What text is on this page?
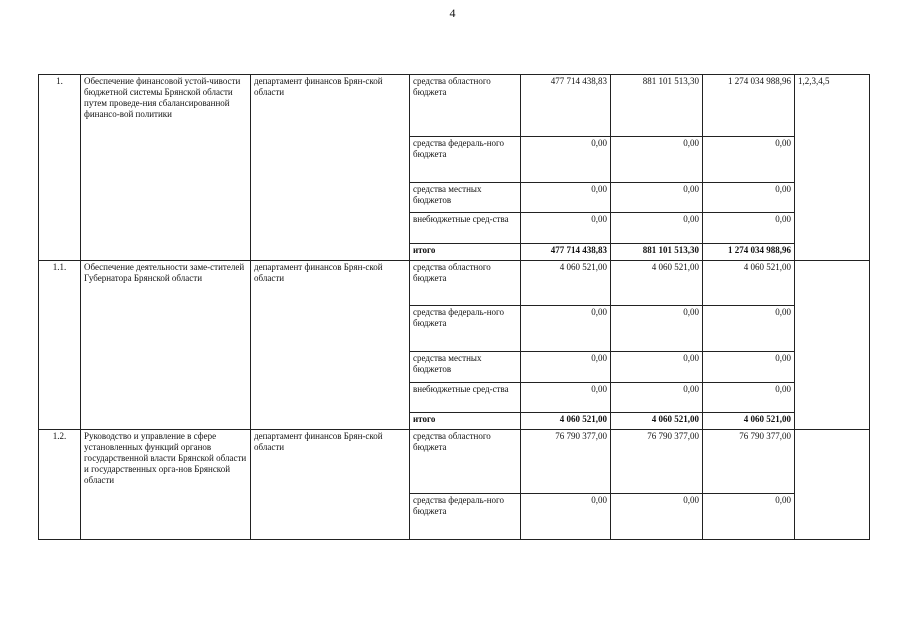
4
1.	Обеспечение финансовой устой-чивости бюджетной системы Брянской области путем проведе-ния сбалансированной финансо-вой политики	департамент финансов Брян-ской области	средства областного бюджета	477 714 438,83	881 101 513,30	1 274 034 988,96	1,2,3,4,5
			средства федераль-ного бюджета	0,00	0,00	0,00	
			средства местных бюджетов	0,00	0,00	0,00	
			внебюджетные сред-ства	0,00	0,00	0,00	
			итого	477 714 438,83	881 101 513,30	1 274 034 988,96	
1.1.	Обеспечение деятельности заме-стителей Губернатора Брянской области	департамент финансов Брян-ской области	средства областного бюджета	4 060 521,00	4 060 521,00	4 060 521,00	
			средства федераль-ного бюджета	0,00	0,00	0,00	
			средства местных бюджетов	0,00	0,00	0,00	
			внебюджетные сред-ства	0,00	0,00	0,00	
			итого	4 060 521,00	4 060 521,00	4 060 521,00	
1.2.	Руководство и управление в сфере установленных функций органов государственной власти Брянской области и государственных орга-нов Брянской области	департамент финансов Брян-ской области	средства областного бюджета	76 790 377,00	76 790 377,00	76 790 377,00	
			средства федераль-ного бюджета	0,00	0,00	0,00	
